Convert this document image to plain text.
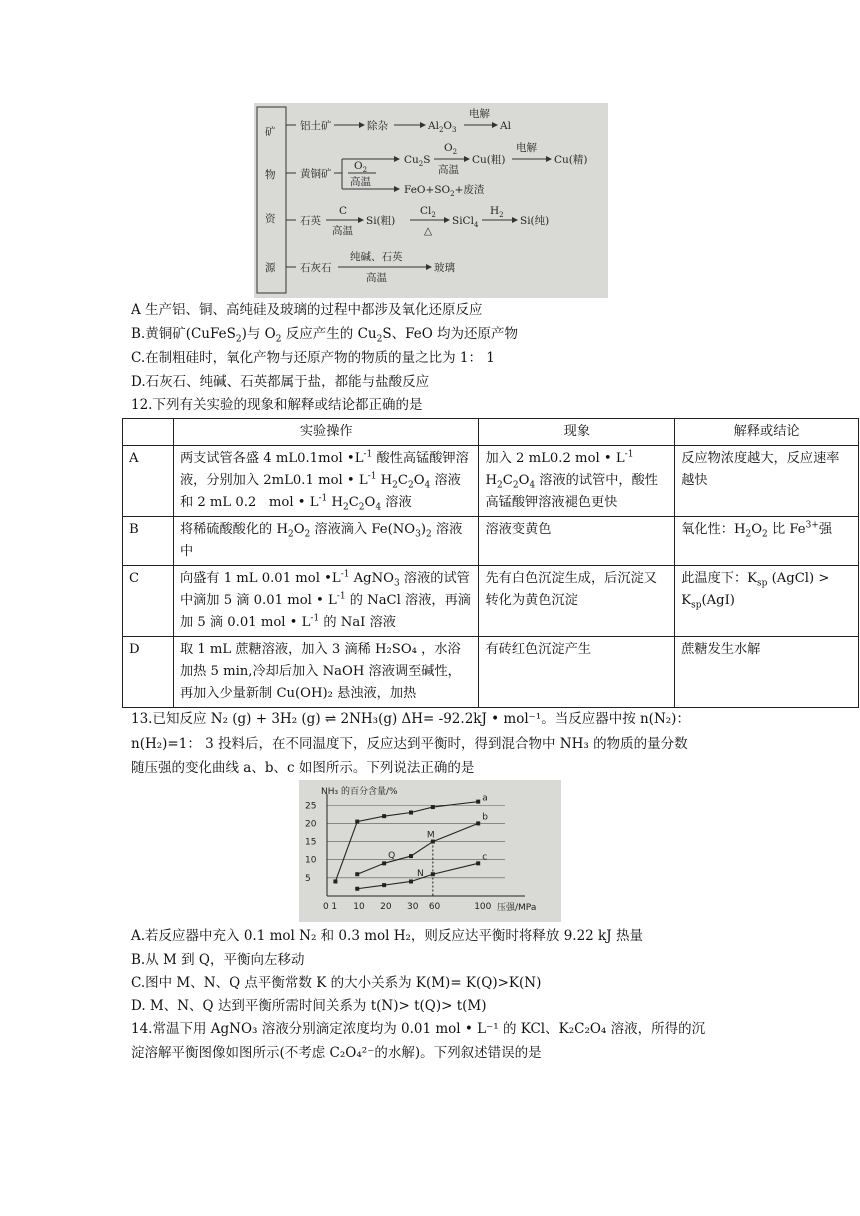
矿
物
资
源
铝土矿	除杂	$Al_2O_3$
电解
Al
黄铜矿
$O_2$
高温
$Cu_2S$
$O_2$
高温
Cu(粗)
电解
Cu(精)
$FeO+SO_2+$废渣
石英
C
高温
Si(粗)
$Cl_2$
△
SiCl$_4$
$H_2$ Si(纯)
石灰石
纯碱、石英
高温
玻璃
A 生产铝、铜、高纯硅及玻璃的过程中都涉及氧化还原反应
B.黄铜矿(CuFeS$_2$)与 $O_2$ 反应产生的 $Cu_2S$、FeO 均为还原产物
C.在制粗硅时，氧化产物与还原产物的物质的量之比为 1： 1
D.石灰石、纯碱、石英都属于盐，都能与盐酸反应
12.下列有关实验的现象和解释或结论都正确的是
	实验操作	现象	解释或结论
A	两支试管各盛 4 mL0.1mol $•L^{-1}$ 酸性高锰酸钾溶液，分别加入 2mL0.1 mol • $L^{-1}$ $H_2C_2O_4$ 溶液和 2 mL 0.2   mol • $L^{-1}$ $H_2C_2O_4$ 溶液	加入 2 mL0.2 mol • $L^{-1}$ $H_2C_2O_4$ 溶液的试管中，酸性高锰酸钾溶液褪色更快	反应物浓度越大，反应速率越快
B	将稀硫酸酸化的 $H_2O_2$ 溶液滴入 $Fe(NO_3)_2$ 溶液中	溶液变黄色	氧化性：$H_2O_2$ 比 $Fe^{3+}$强
C	向盛有 1 mL 0.01 mol $•L^{-1}$ AgNO$_3$ 溶液的试管中滴加 5 滴 0.01 mol • $L^{-1}$ 的 NaCl 溶液，再滴加 5 滴 0.01 mol • $L^{-1}$ 的 NaI 溶液	先有白色沉淀生成，后沉淀又转化为黄色沉淀	此温度下：$K_{sp}$ (AgCl) > $K_{sp}(AgI)$
D	取 1 mL 蔗糖溶液，加入 3 滴稀 H₂SO₄ ，水浴加热 5 min,冷却后加入 NaOH 溶液调至碱性，再加入少量新制 Cu(OH)₂ 悬浊液，加热	有砖红色沉淀产生	蔗糖发生水解
13.已知反应 N₂ (g) + 3H₂ (g) ⇌ 2NH₃(g) ΔH= -92.2kJ • mol⁻¹。当反应器中按 n(N₂)：
n(H₂)=1： 3 投料后，在不同温度下，反应达到平衡时，得到混合物中 NH₃ 的物质的量分数
随压强的变化曲线 a、b、c 如图所示。下列说法正确的是
NH₃ 的百分含量/%
压强/MPa
5
10
15
20
25
0 1 10 20 30 60	100
a
b
c
M
Q
N
A.若反应器中充入 0.1 mol N₂ 和 0.3 mol H₂，则反应达平衡时将释放 9.22 kJ 热量
B.从 M 到 Q，平衡向左移动
C.图中 M、N、Q 点平衡常数 K 的大小关系为 K(M)= K(Q)>K(N)
D. M、N、Q 达到平衡所需时间关系为 t(N)> t(Q)> t(M)
14.常温下用 AgNO₃ 溶液分别滴定浓度均为 0.01 mol • L⁻¹ 的 KCl、K₂C₂O₄ 溶液，所得的沉
淀溶解平衡图像如图所示(不考虑 C₂O₄²⁻的水解)。下列叙述错误的是
